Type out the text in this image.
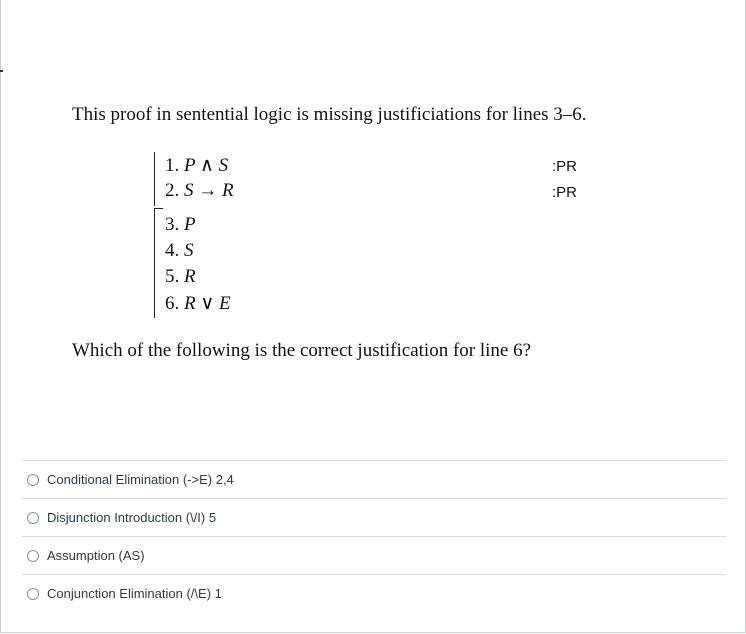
This proof in sentential logic is missing justificiations for lines 3–6.
1. P ∧ S	:PR
2. S → R	:PR
3. P
4. S
5. R
6. R ∨ E
Which of the following is the correct justification for line 6?
Conditional Elimination (->E) 2,4
Disjunction Introduction (\/I) 5
Assumption (AS)
Conjunction Elimination (/\E) 1
